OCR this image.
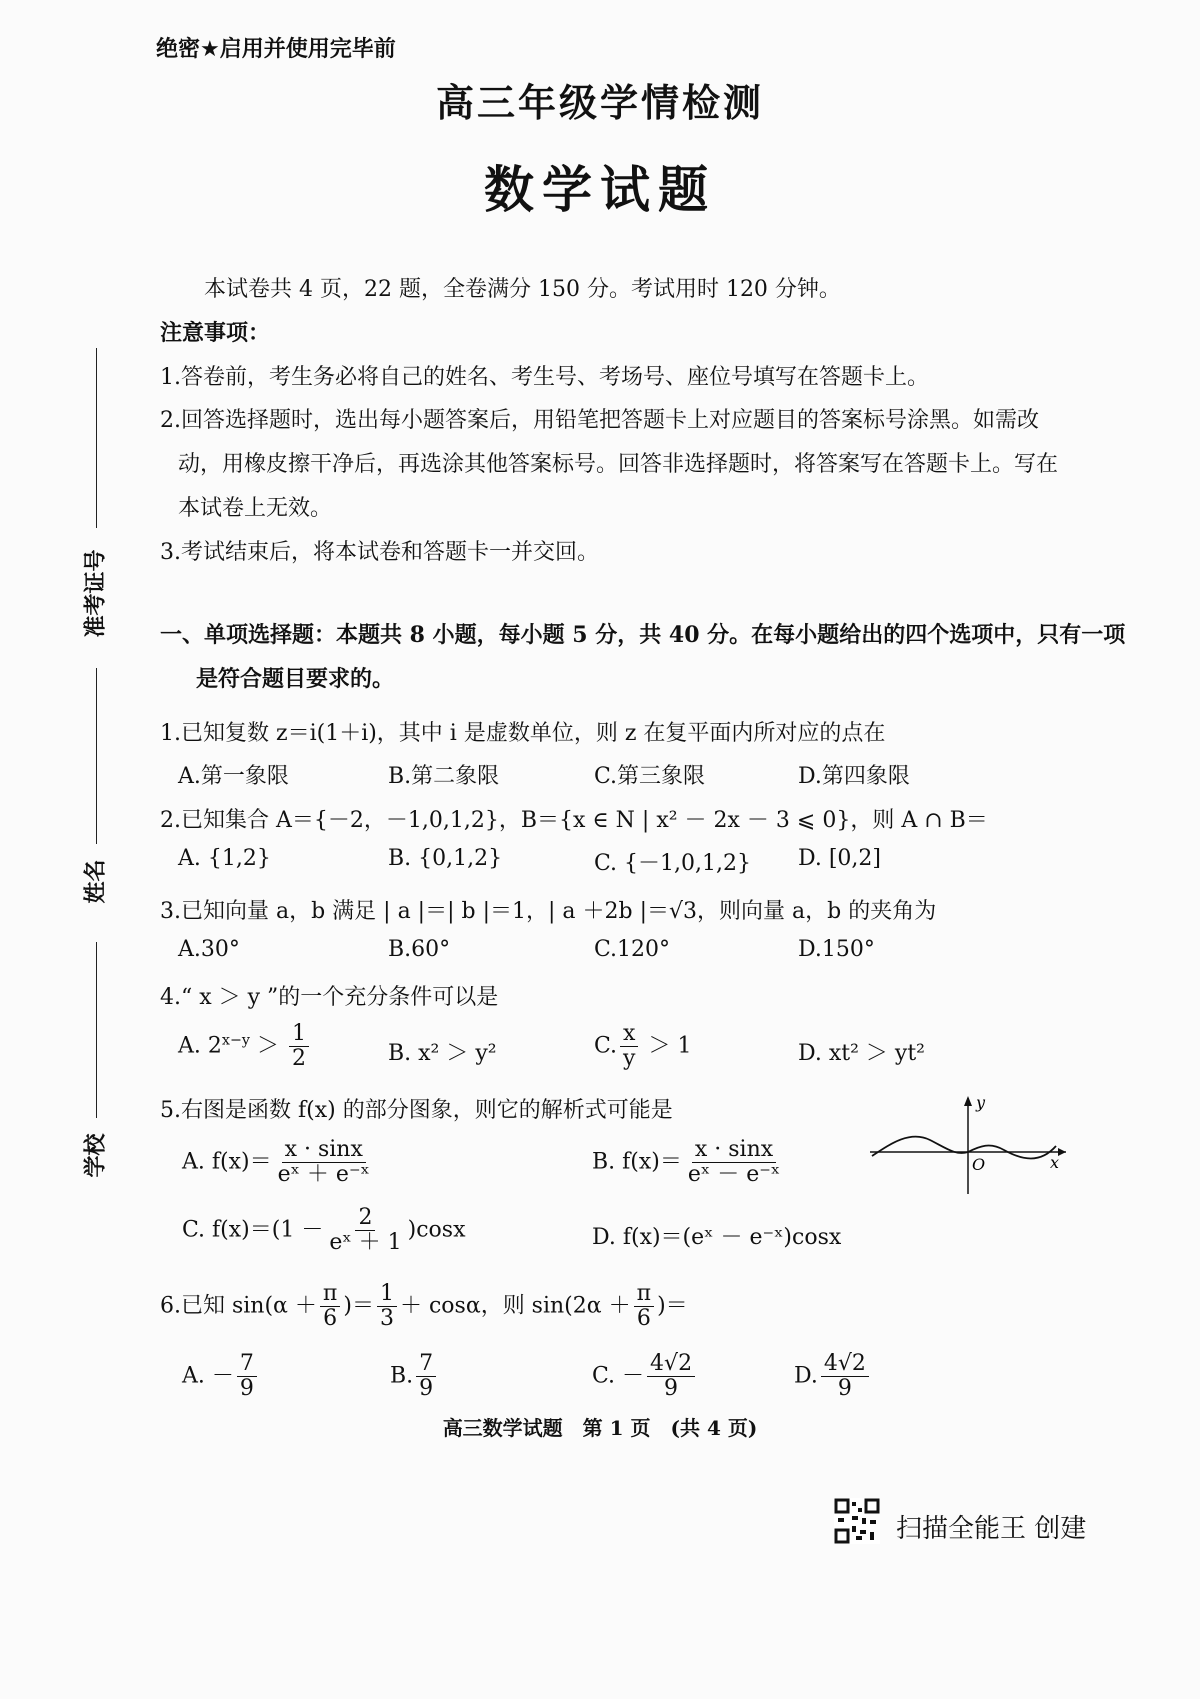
绝密★启用并使用完毕前
高三年级学情检测
数学试题
本试卷共 4 页，22 题，全卷满分 150 分。考试用时 120 分钟。
注意事项：
1.答卷前，考生务必将自己的姓名、考生号、考场号、座位号填写在答题卡上。
2.回答选择题时，选出每小题答案后，用铅笔把答题卡上对应题目的答案标号涂黑。如需改
动，用橡皮擦干净后，再选涂其他答案标号。回答非选择题时，将答案写在答题卡上。写在
本试卷上无效。
3.考试结束后，将本试卷和答题卡一并交回。
准考证号
姓名
学校
一、单项选择题：本题共 8 小题，每小题 5 分，共 40 分。在每小题给出的四个选项中，只有一项
是符合题目要求的。
1.已知复数 z＝i(1＋i)，其中 i 是虚数单位，则 z 在复平面内所对应的点在
A.第一象限	B.第二象限	C.第三象限	D.第四象限
2.已知集合 A＝{－2，－1,0,1,2}，B＝{x ∈ N | x² － 2x － 3 ⩽ 0}，则 A ∩ B＝
A. {1,2}	B. {0,1,2}	C. {－1,0,1,2} D. [0,2]
3.已知向量 a，b 满足 | a |＝| b |＝1，| a ＋2b |＝√3，则向量 a，b 的夹角为
A.30°	B.60°	C.120°	D.150°
4.“ x ＞ y ”的一个充分条件可以是
A. $2^{x-y} > \frac{1}{2}$	B. x² ＞ y²	C. $\frac{x}{y} > 1$	D. xt² ＞ yt²
5.右图是函数 f(x) 的部分图象，则它的解析式可能是
A. $f(x)= \frac{x \cdot \sin x}{\text{eˣ ＋ e⁻ˣ}}$	B. $f(x)= \frac{x \cdot \sin x}{\text{eˣ － e⁻ˣ}}$
C. $f(x)=(1 - \frac{2}{\text{eˣ ＋ 1}} )\cos x$	D. f(x)＝(eˣ － e⁻ˣ)cosx
y
x
O
6.已知 $\sin(\alpha + \frac{\pi}{6}$ )＝ $\frac{1}{3} + \cos\alpha$，则 $\sin(2\alpha + \frac{\pi}{6}$ )＝
A. － $\frac{7}{9}$	B. $\frac{7}{9}$	C. － $\frac{4√2}{9}$	D. $\frac{4√2}{9}$
高三数学试题　第 1 页　(共 4 页)
扫描全能王 创建
